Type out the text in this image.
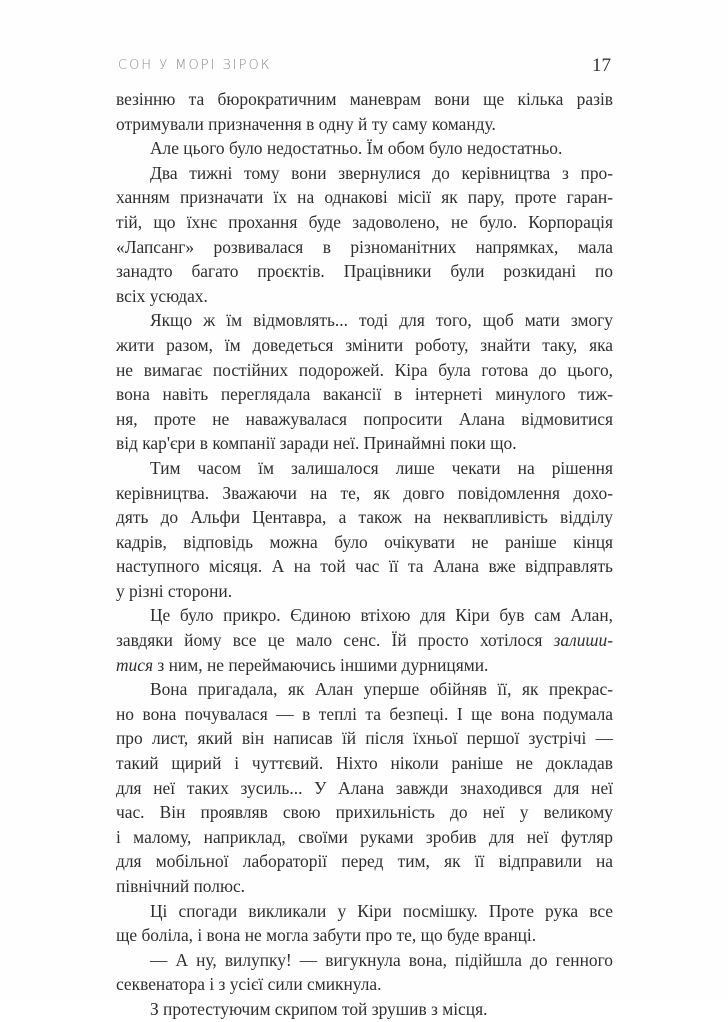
СОН У МОРІ ЗІРОК	17

везінню та бюрократичним маневрам вони ще кілька разів
отримували призначення в одну й ту саму команду.

Але цього було недостатньо. Їм обом було недостатньо.

Два тижні тому вони звернулися до керівництва з про-
ханням призначати їх на однакові місії як пару, проте гаран-
тій, що їхнє прохання буде задоволено, не було. Корпорація
«Лапсанг» розвивалася в різноманітних напрямках, мала
занадто багато проєктів. Працівники були розкидані по
всіх усюдах.

Якщо ж їм відмовлять... тоді для того, щоб мати змогу
жити разом, їм доведеться змінити роботу, знайти таку, яка
не вимагає постійних подорожей. Кіра була готова до цього,
вона навіть переглядала вакансії в інтернеті минулого тиж-
ня, проте не наважувалася попросити Алана відмовитися
від кар'єри в компанії заради неї. Принаймні поки що.

Тим часом їм залишалося лише чекати на рішення
керівництва. Зважаючи на те, як довго повідомлення дохо-
дять до Альфи Центавра, а також на неквапливість відділу
кадрів, відповідь можна було очікувати не раніше кінця
наступного місяця. А на той час її та Алана вже відправлять
у різні сторони.

Це було прикро. Єдиною втіхою для Кіри був сам Алан,
завдяки йому все це мало сенс. Їй просто хотілося залиши-
тися з ним, не переймаючись іншими дурницями.

Вона пригадала, як Алан уперше обійняв її, як прекрас-
но вона почувалася — в теплі та безпеці. І ще вона подумала
про лист, який він написав їй після їхньої першої зустрічі —
такий щирий і чуттєвий. Ніхто ніколи раніше не докладав
для неї таких зусиль... У Алана завжди знаходився для неї
час. Він проявляв свою прихильність до неї у великому
і малому, наприклад, своїми руками зробив для неї футляр
для мобільної лабораторії перед тим, як її відправили на
північний полюс.

Ці спогади викликали у Кіри посмішку. Проте рука все
ще боліла, і вона не могла забути про те, що буде вранці.

— А ну, вилупку! — вигукнула вона, підійшла до генного
секвенатора і з усієї сили смикнула.

З протестуючим скрипом той зрушив з місця.
